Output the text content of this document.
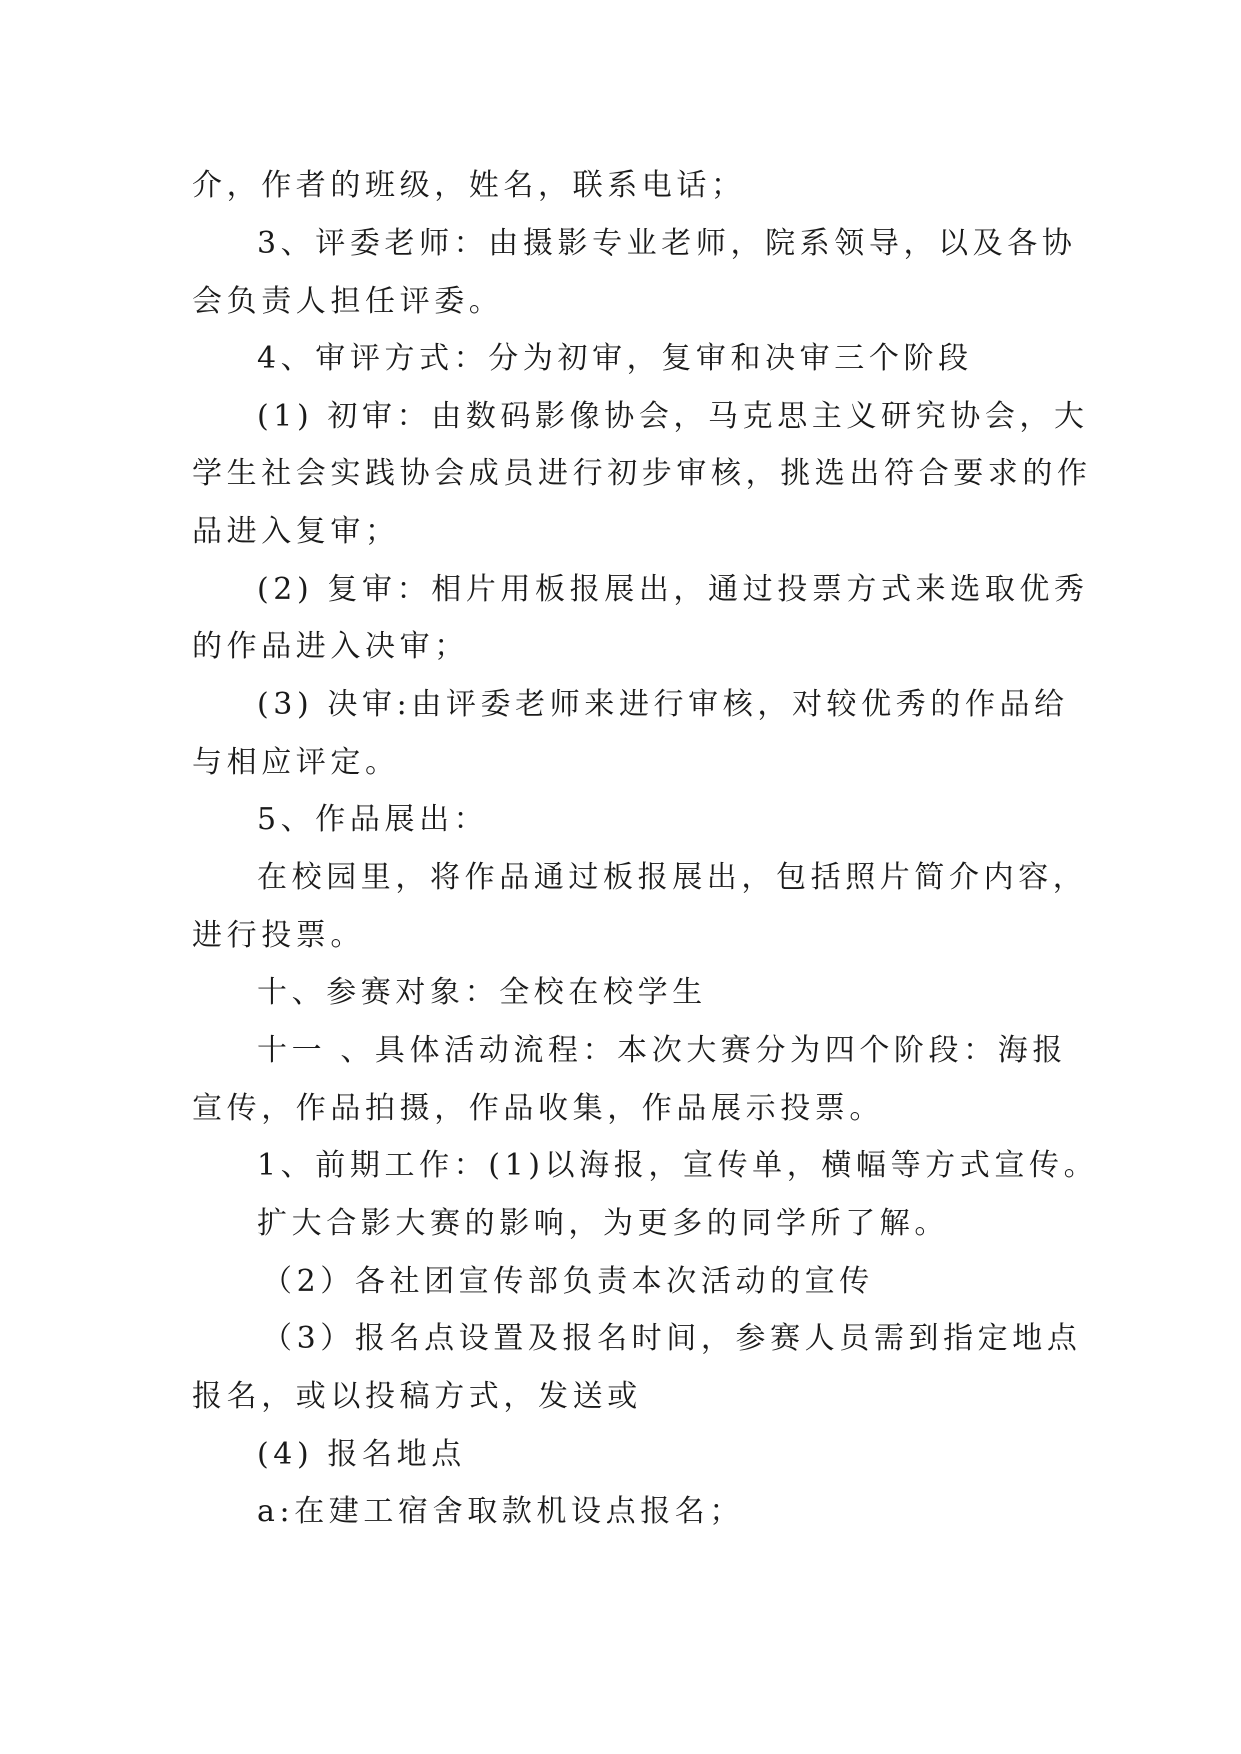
介，作者的班级，姓名，联系电话；

3、评委老师：由摄影专业老师，院系领导，以及各协

会负责人担任评委。

4、审评方式：分为初审，复审和决审三个阶段

(1) 初审：由数码影像协会，马克思主义研究协会，大

学生社会实践协会成员进行初步审核，挑选出符合要求的作

品进入复审；

(2) 复审：相片用板报展出，通过投票方式来选取优秀

的作品进入决审；

(3) 决审:由评委老师来进行审核，对较优秀的作品给

与相应评定。

5、作品展出：

在校园里，将作品通过板报展出，包括照片简介内容，

进行投票。

十、参赛对象：全校在校学生

十一 、具体活动流程：本次大赛分为四个阶段：海报

宣传，作品拍摄，作品收集，作品展示投票。

1、前期工作：(1)以海报，宣传单，横幅等方式宣传。

扩大合影大赛的影响，为更多的同学所了解。

（2）各社团宣传部负责本次活动的宣传

（3）报名点设置及报名时间，参赛人员需到指定地点

报名，或以投稿方式，发送或

(4) 报名地点

a:在建工宿舍取款机设点报名；
